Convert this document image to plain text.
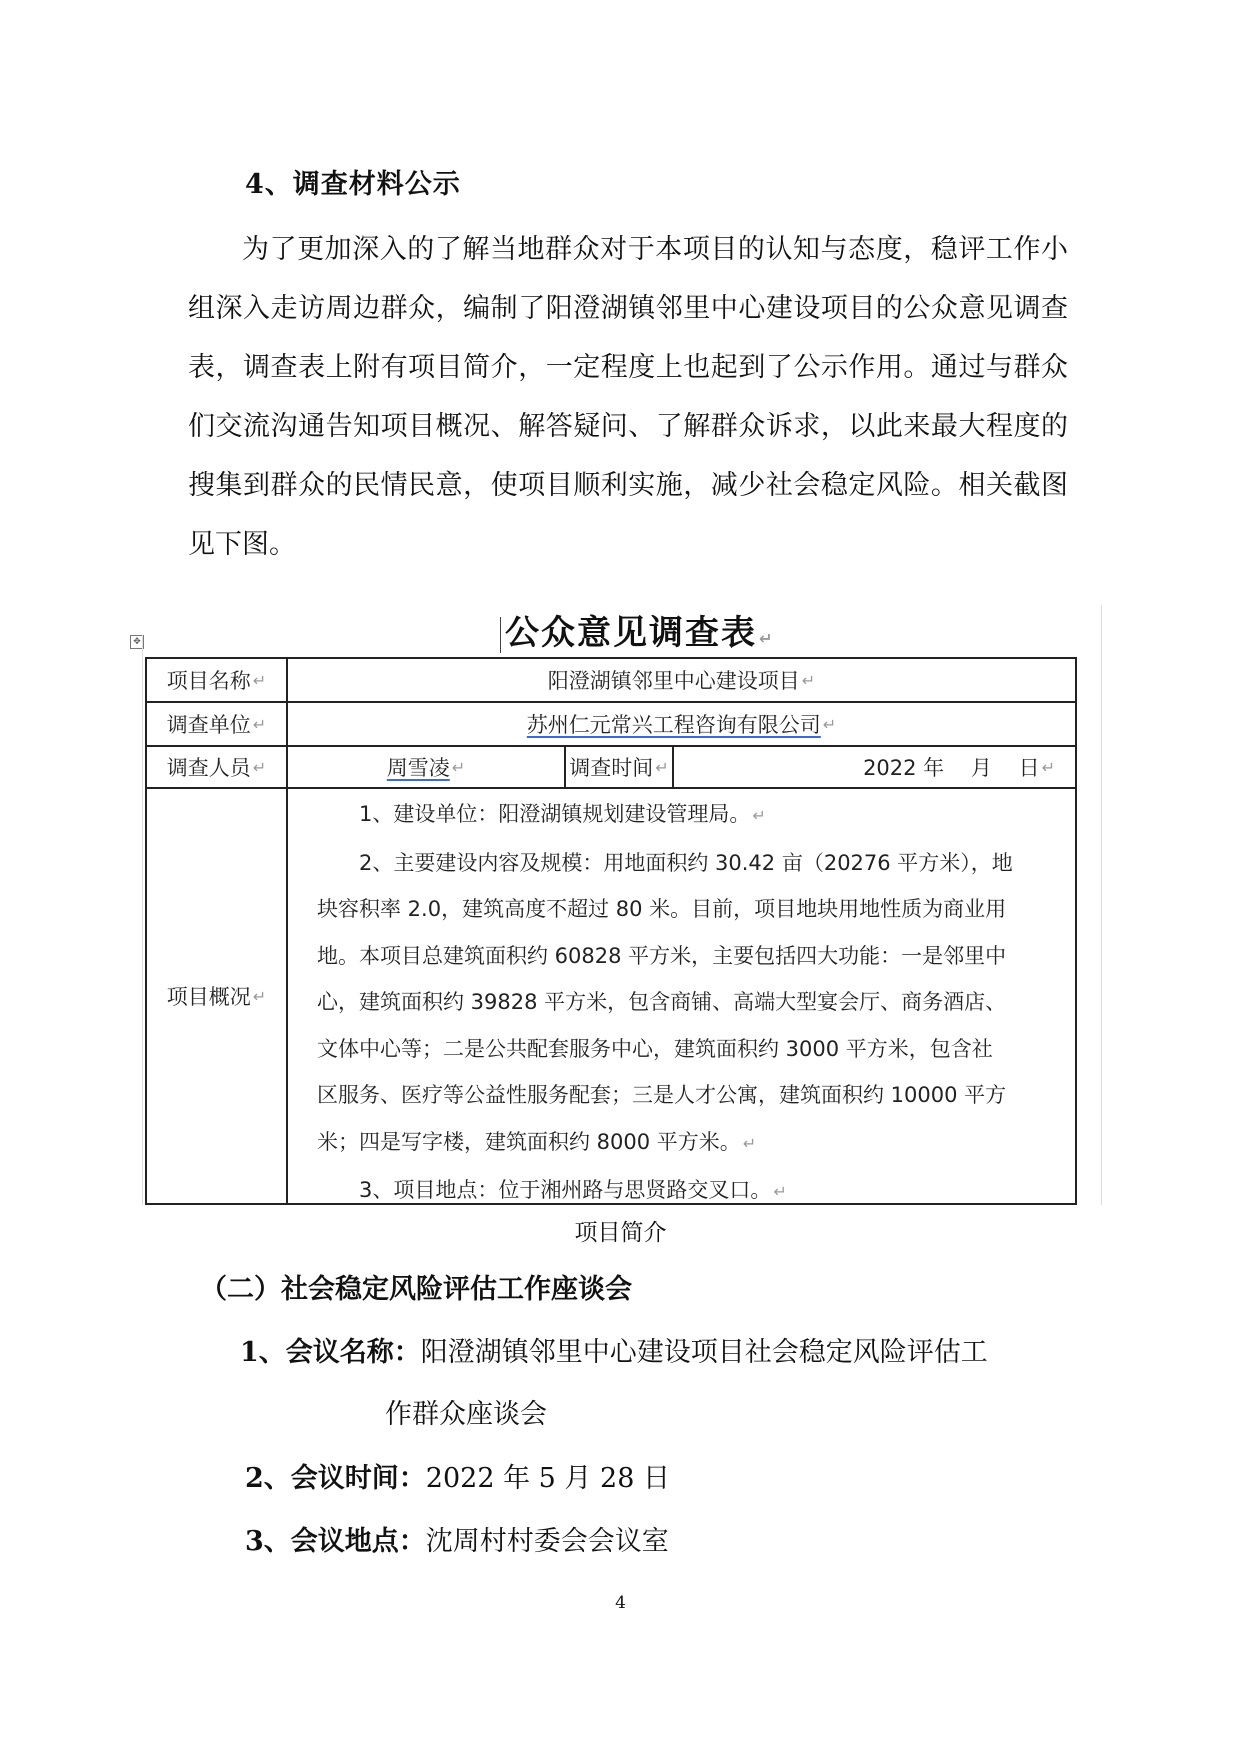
4、调查材料公示

为了更加深入的了解当地群众对于本项目的认知与态度，稳评工作小组深入走访周边群众，编制了阳澄湖镇邻里中心建设项目的公众意见调查表，调查表上附有项目简介，一定程度上也起到了公示作用。通过与群众们交流沟通告知项目概况、解答疑问、了解群众诉求，以此来最大程度的搜集到群众的民情民意，使项目顺利实施，减少社会稳定风险。相关截图见下图。

公众意见调查表 ↵
✥
项目名称 ↵	阳澄湖镇邻里中心建设项目 ↵
调查单位 ↵	苏州仁元常兴工程咨询有限公司 ↵
调查人员 ↵	周雪凌 ↵	调查时间 ↵	2022 年    月    日 ↵
项目概况 ↵
1、建设单位：阳澄湖镇规划建设管理局。 ↵
2、主要建设内容及规模：用地面积约 30.42 亩（20276 平方米），地
块容积率 2.0，建筑高度不超过 80 米。目前，项目地块用地性质为商业用
地。本项目总建筑面积约 60828 平方米，主要包括四大功能：一是邻里中
心，建筑面积约 39828 平方米，包含商铺、高端大型宴会厅、商务酒店、
文体中心等；二是公共配套服务中心，建筑面积约 3000 平方米，包含社
区服务、医疗等公益性服务配套；三是人才公寓，建筑面积约 10000 平方
米；四是写字楼，建筑面积约 8000 平方米。 ↵
3、项目地点：位于湘州路与思贤路交叉口。 ↵
项目简介
（二）社会稳定风险评估工作座谈会
1、会议名称：阳澄湖镇邻里中心建设项目社会稳定风险评估工
作群众座谈会
2、会议时间：2022 年 5 月 28 日
3、会议地点：沈周村村委会会议室
4
